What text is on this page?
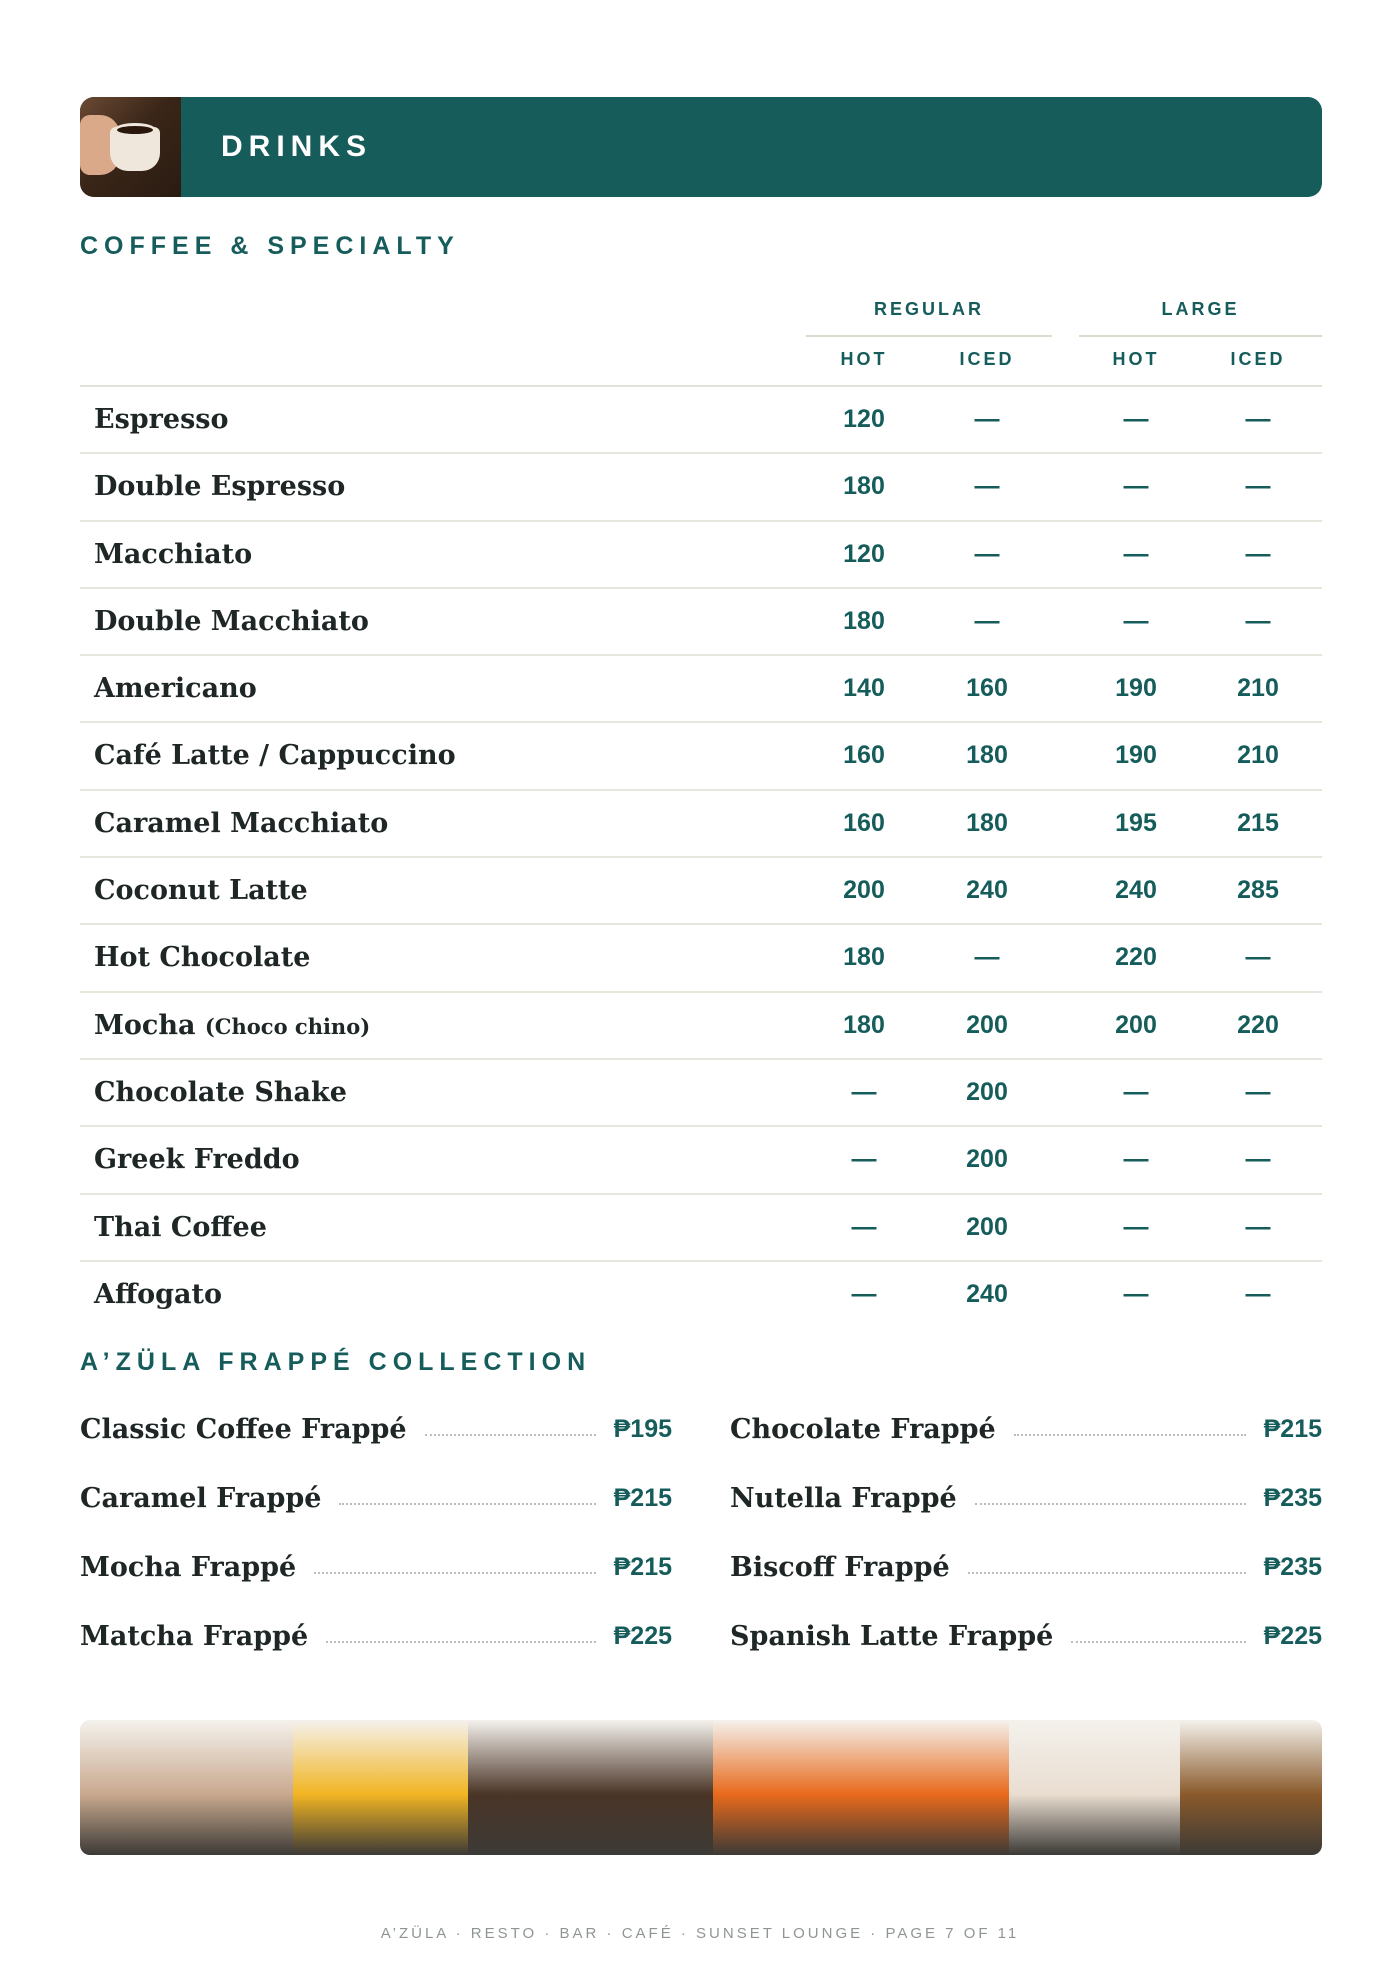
DRINKS
COFFEE & SPECIALTY
REGULAR	LARGE
HOT	ICED	HOT	ICED
Espresso	120	—	—	—
Double Espresso	180	—	—	—
Macchiato	120	—	—	—
Double Macchiato	180	—	—	—
Americano	140	160	190	210
Café Latte / Cappuccino	160	180	190	210
Caramel Macchiato	160	180	195	215
Coconut Latte	200	240	240	285
Hot Chocolate	180	—	220	—
Mocha (Choco chino)	180	200	200	220
Chocolate Shake	—	200	—	—
Greek Freddo	—	200	—	—
Thai Coffee	—	200	—	—
Affogato	—	240	—	—
A’ZÜLA FRAPPÉ COLLECTION
Classic Coffee Frappé	₱195
Caramel Frappé	₱215
Mocha Frappé	₱215
Matcha Frappé	₱225
Chocolate Frappé	₱215
Nutella Frappé	₱235
Biscoff Frappé	₱235
Spanish Latte Frappé	₱225
A’ZÜLA · RESTO · BAR · CAFÉ · SUNSET LOUNGE · PAGE 7 OF 11
